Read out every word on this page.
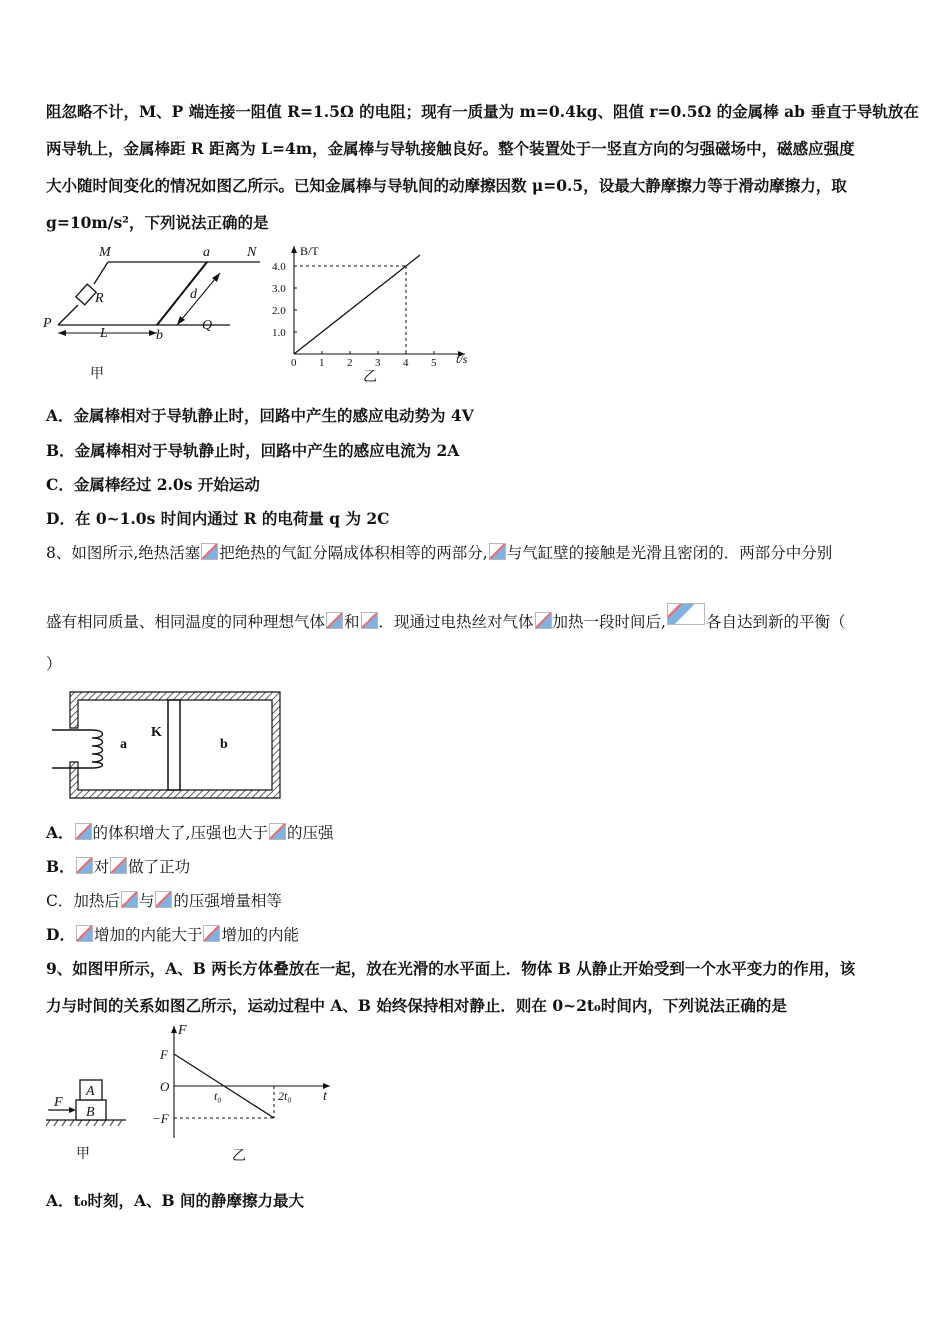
阻忽略不计，M、P 端连接一阻值 R=1.5Ω 的电阻；现有一质量为 m=0.4kg、阻值 r=0.5Ω 的金属棒 ab 垂直于导轨放在
两导轨上，金属棒距 R 距离为 L=4m，金属棒与导轨接触良好。整个装置处于一竖直方向的匀强磁场中，磁感应强度
大小随时间变化的情况如图乙所示。已知金属棒与导轨间的动摩擦因数 μ=0.5，设最大静摩擦力等于滑动摩擦力，取
g=10m/s²，下列说法正确的是
M	N
a
P	Q
b
R	d
L
甲
B/T
t/s
乙
0 1 2 3 4 5
1.0
2.0
3.0
4.0
A．金属棒相对于导轨静止时，回路中产生的感应电动势为 4V
B．金属棒相对于导轨静止时，回路中产生的感应电流为 2A
C．金属棒经过 2.0s 开始运动
D．在 0~1.0s 时间内通过 R 的电荷量 q 为 2C
8、如图所示,绝热活塞 把绝热的气缸分隔成体积相等的两部分, 与气缸壁的接触是光滑且密闭的．两部分中分别
盛有相同质量、相同温度的同种理想气体 和 ．现通过电热丝对气体 加热一段时间后,	各自达到新的平衡（
）
a
K
b
A． 的体积增大了,压强也大于 的压强
B． 对 做了正功
C．加热后 与 的压强增量相等
D． 增加的内能大于 增加的内能
9、如图甲所示，A、B 两长方体叠放在一起，放在光滑的水平面上．物体 B 从静止开始受到一个水平变力的作用，该
力与时间的关系如图乙所示，运动过程中 A、B 始终保持相对静止．则在 0~2t₀时间内，下列说法正确的是
A
B
F
甲
F
t
乙
F
O
−F
t₀	2t₀
A．t₀时刻，A、B 间的静摩擦力最大
